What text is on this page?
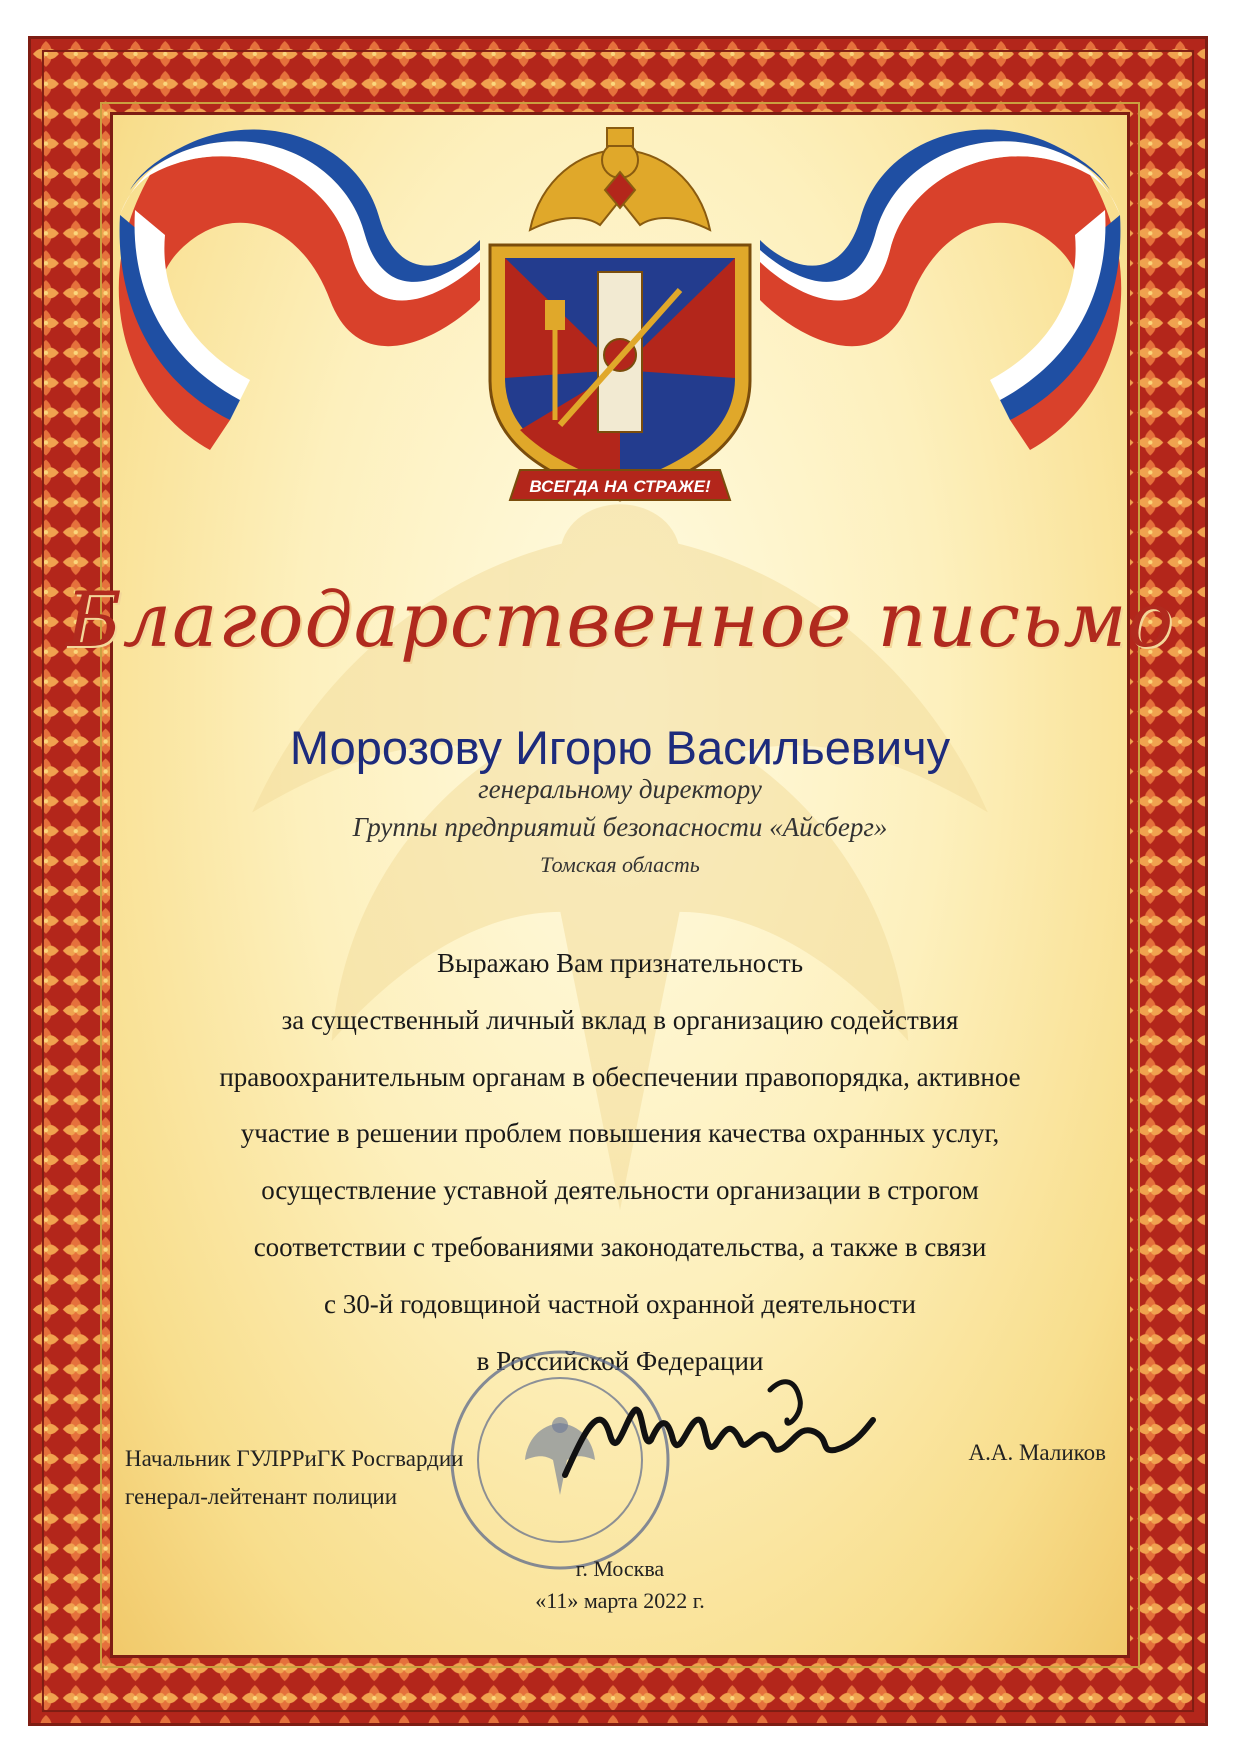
ВСЕГДА НА СТРАЖЕ!
Благодарственное письмо
Морозову Игорю Васильевичу
генеральному директору
Группы предприятий безопасности «Айсберг»
Томская область
Выражаю Вам признательность
за существенный личный вклад в организацию содействия
правоохранительным органам в обеспечении правопорядка, активное
участие в решении проблем повышения качества охранных услуг,
осуществление уставной деятельности организации в строгом
соответствии с требованиями законодательства, а также в связи
с 30-й годовщиной частной охранной деятельности
в Российской Федерации
Начальник ГУЛРРиГК Росгвардии
генерал-лейтенант полиции
А.А. Маликов
г. Москва
«11» марта 2022 г.
